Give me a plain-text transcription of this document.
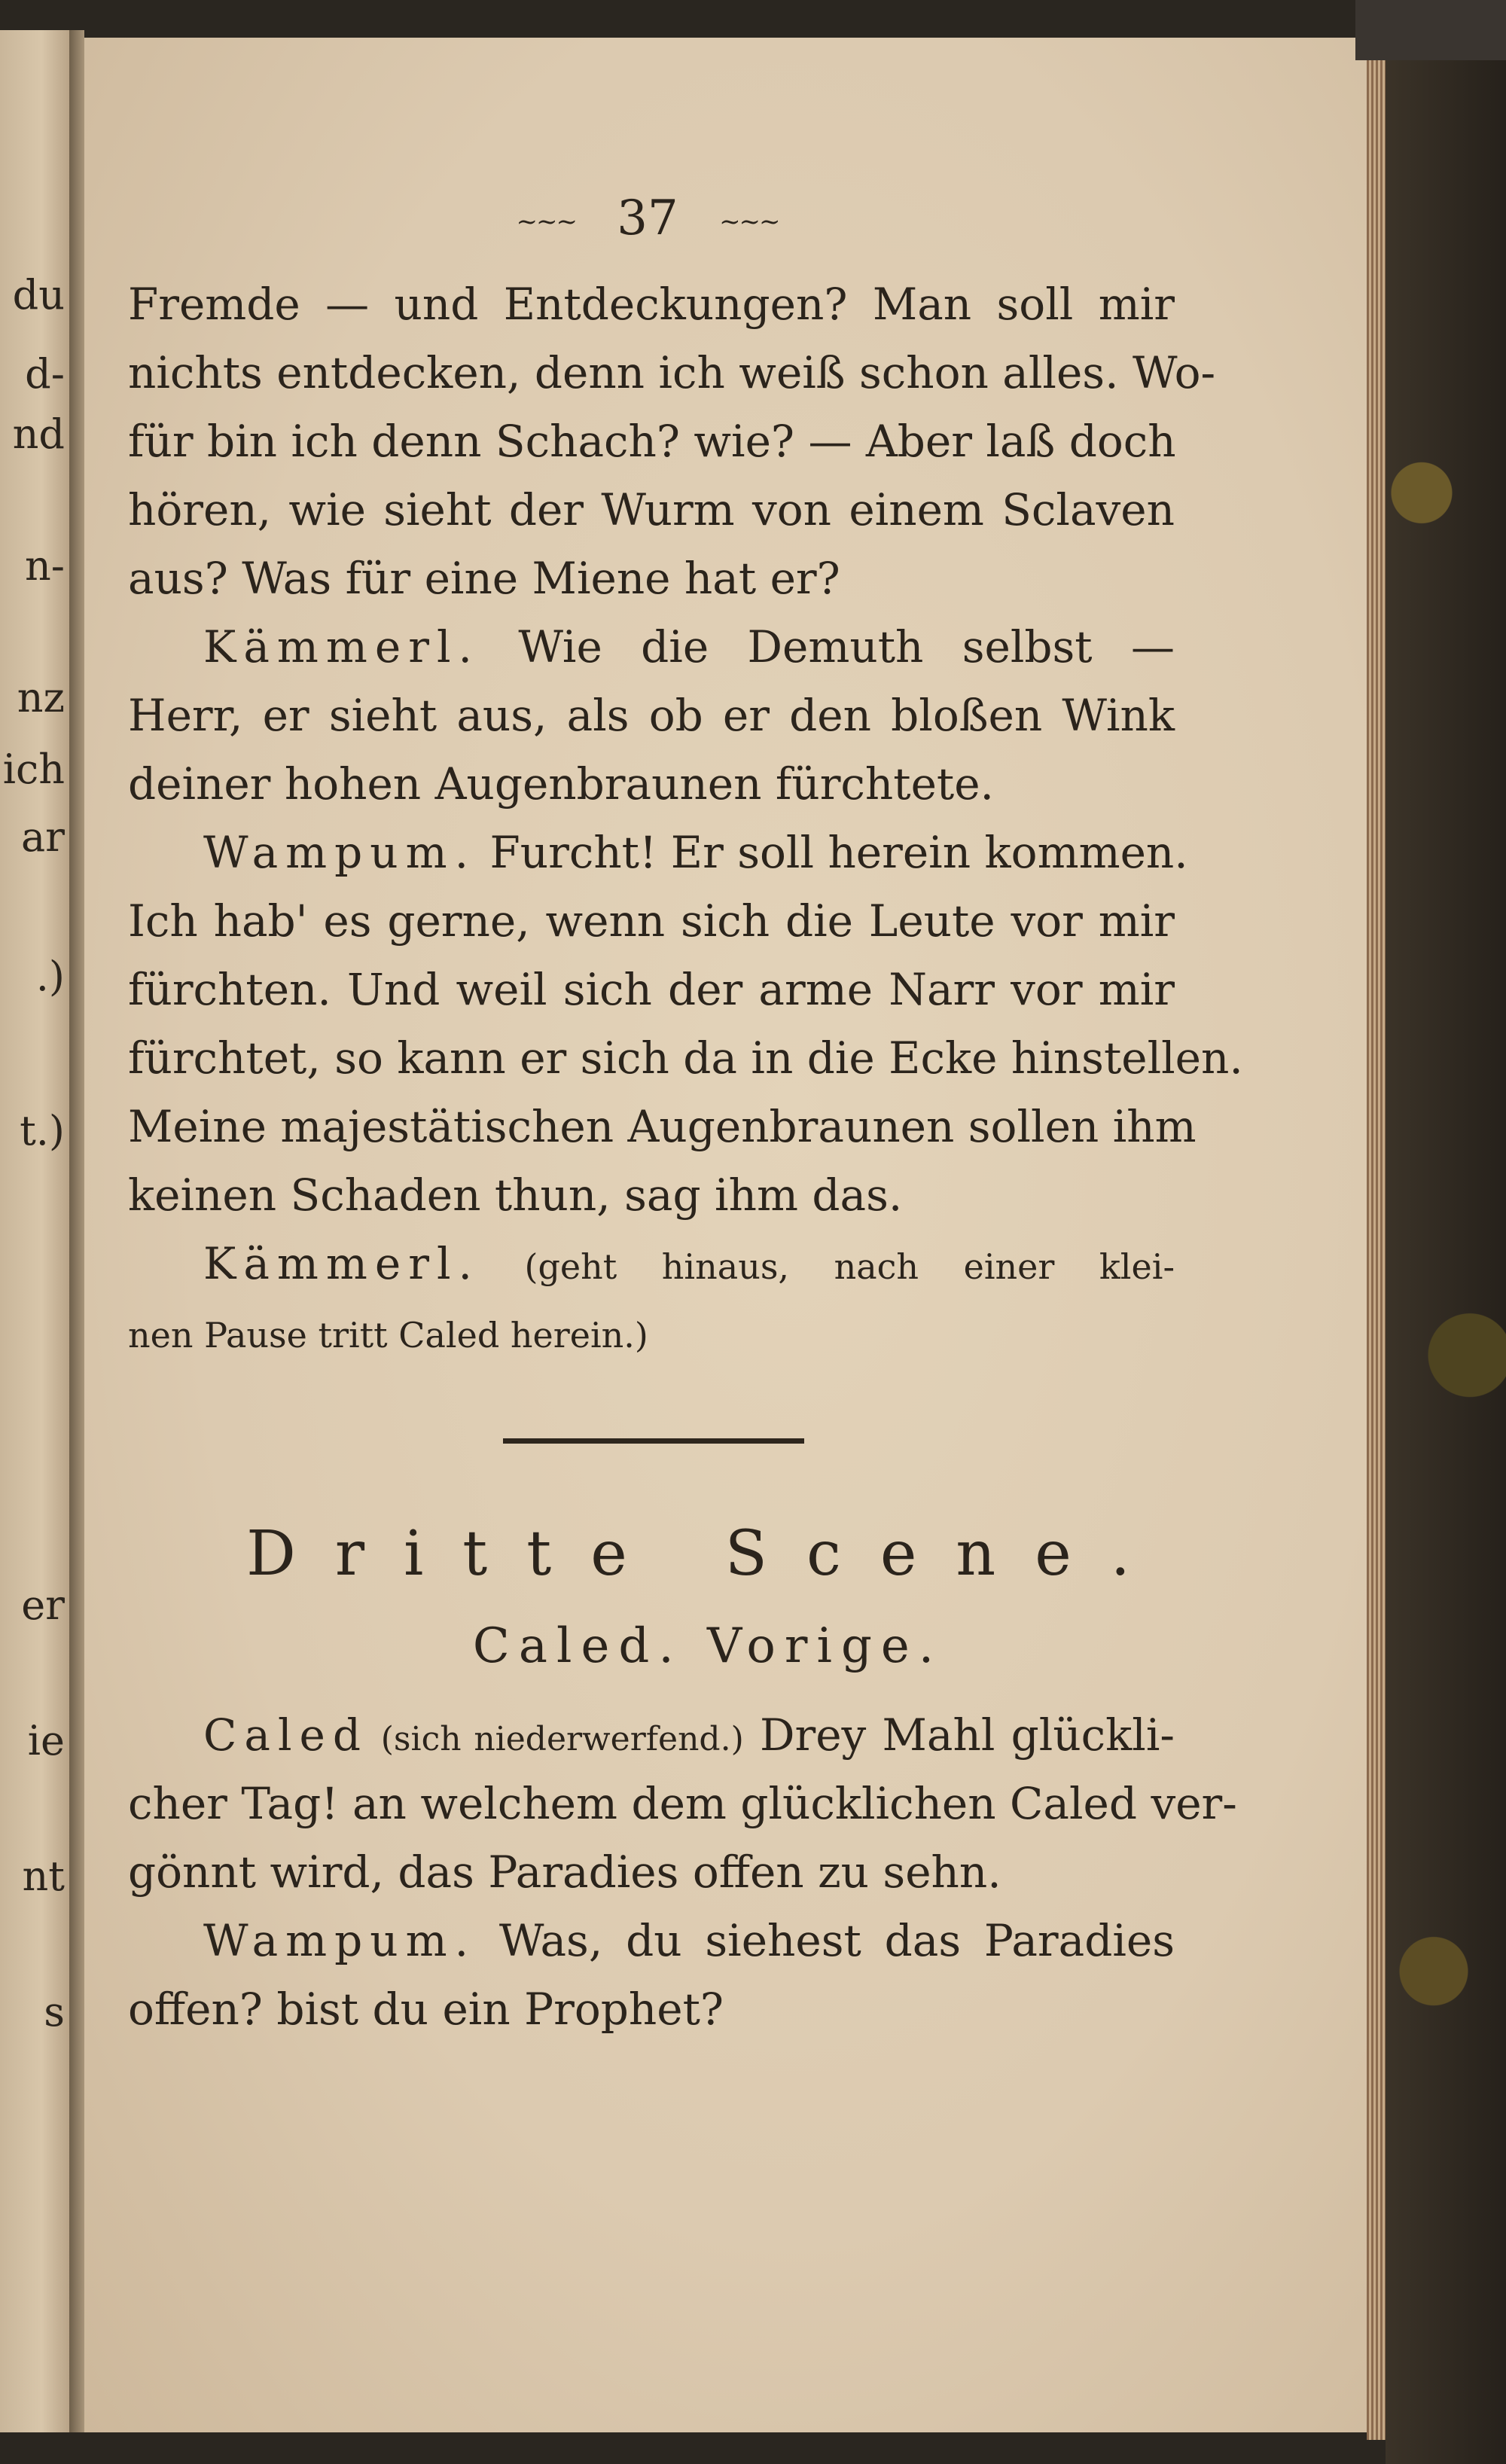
~~~ 37 ~~~
Dritte Scene.
Caled. Vorige.

Fremde — und Entdeckungen? Man soll mir

nichts entdecken, denn ich weiß schon alles. Wo-

für bin ich denn Schach? wie? — Aber laß doch

hören, wie sieht der Wurm von einem Sclaven

aus? Was für eine Miene hat er?

Kämmerl. Wie die Demuth selbst —

Herr, er sieht aus, als ob er den bloßen Wink

deiner hohen Augenbraunen fürchtete.

Wampum. Furcht! Er soll herein kommen.

Ich hab' es gerne, wenn sich die Leute vor mir

fürchten. Und weil sich der arme Narr vor mir

fürchtet, so kann er sich da in die Ecke hinstellen.

Meine majestätischen Augenbraunen sollen ihm

keinen Schaden thun, sag ihm das.

Kämmerl. (geht hinaus, nach einer klei-

nen Pause tritt Caled herein.)

Caled (sich niederwerfend.) Drey Mahl glückli-

cher Tag! an welchem dem glücklichen Caled ver-

gönnt wird, das Paradies offen zu sehn.

Wampum. Was, du siehest das Paradies

offen? bist du ein Prophet?

du
d-
nd
n-
nz
ich
ar
.)
t.)
er
ie
nt
s
